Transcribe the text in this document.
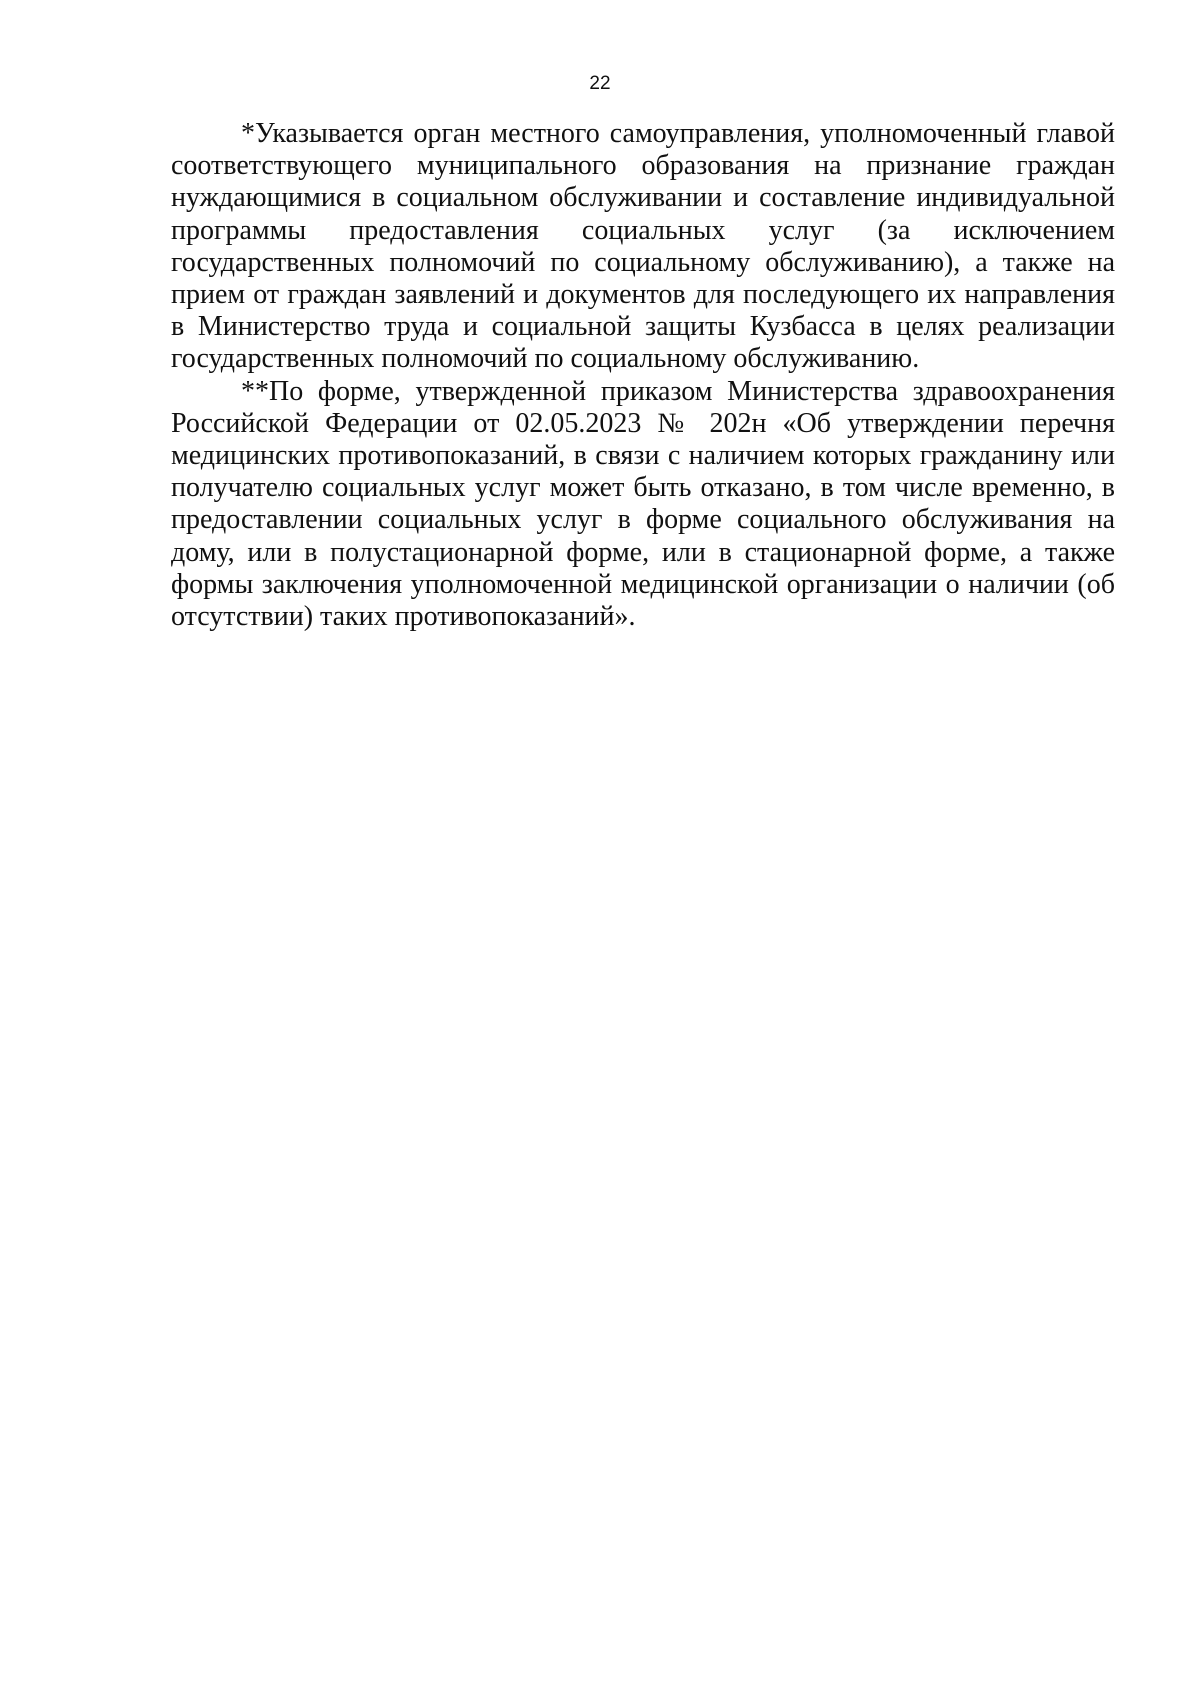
22

*Указывается орган местного самоуправления, уполномоченный главой соответствующего муниципального образования на признание граждан нуждающимися в социальном обслуживании и составление индивидуальной программы предоставления социальных услуг (за исключением государственных полномочий по социальному обслуживанию), а также на прием от граждан заявлений и документов для последующего их направления в Министерство труда и социальной защиты Кузбасса в целях реализации государственных полномочий по социальному обслуживанию.

**По форме, утвержденной приказом Министерства здравоохранения Российской Федерации от 02.05.2023 № 202н «Об утверждении перечня медицинских противопоказаний, в связи с наличием которых гражданину или получателю социальных услуг может быть отказано, в том числе временно, в предоставлении социальных услуг в форме социального обслуживания на дому, или в полустационарной форме, или в стационарной форме, а также формы заключения уполномоченной медицинской организации о наличии (об отсутствии) таких противопоказаний».
